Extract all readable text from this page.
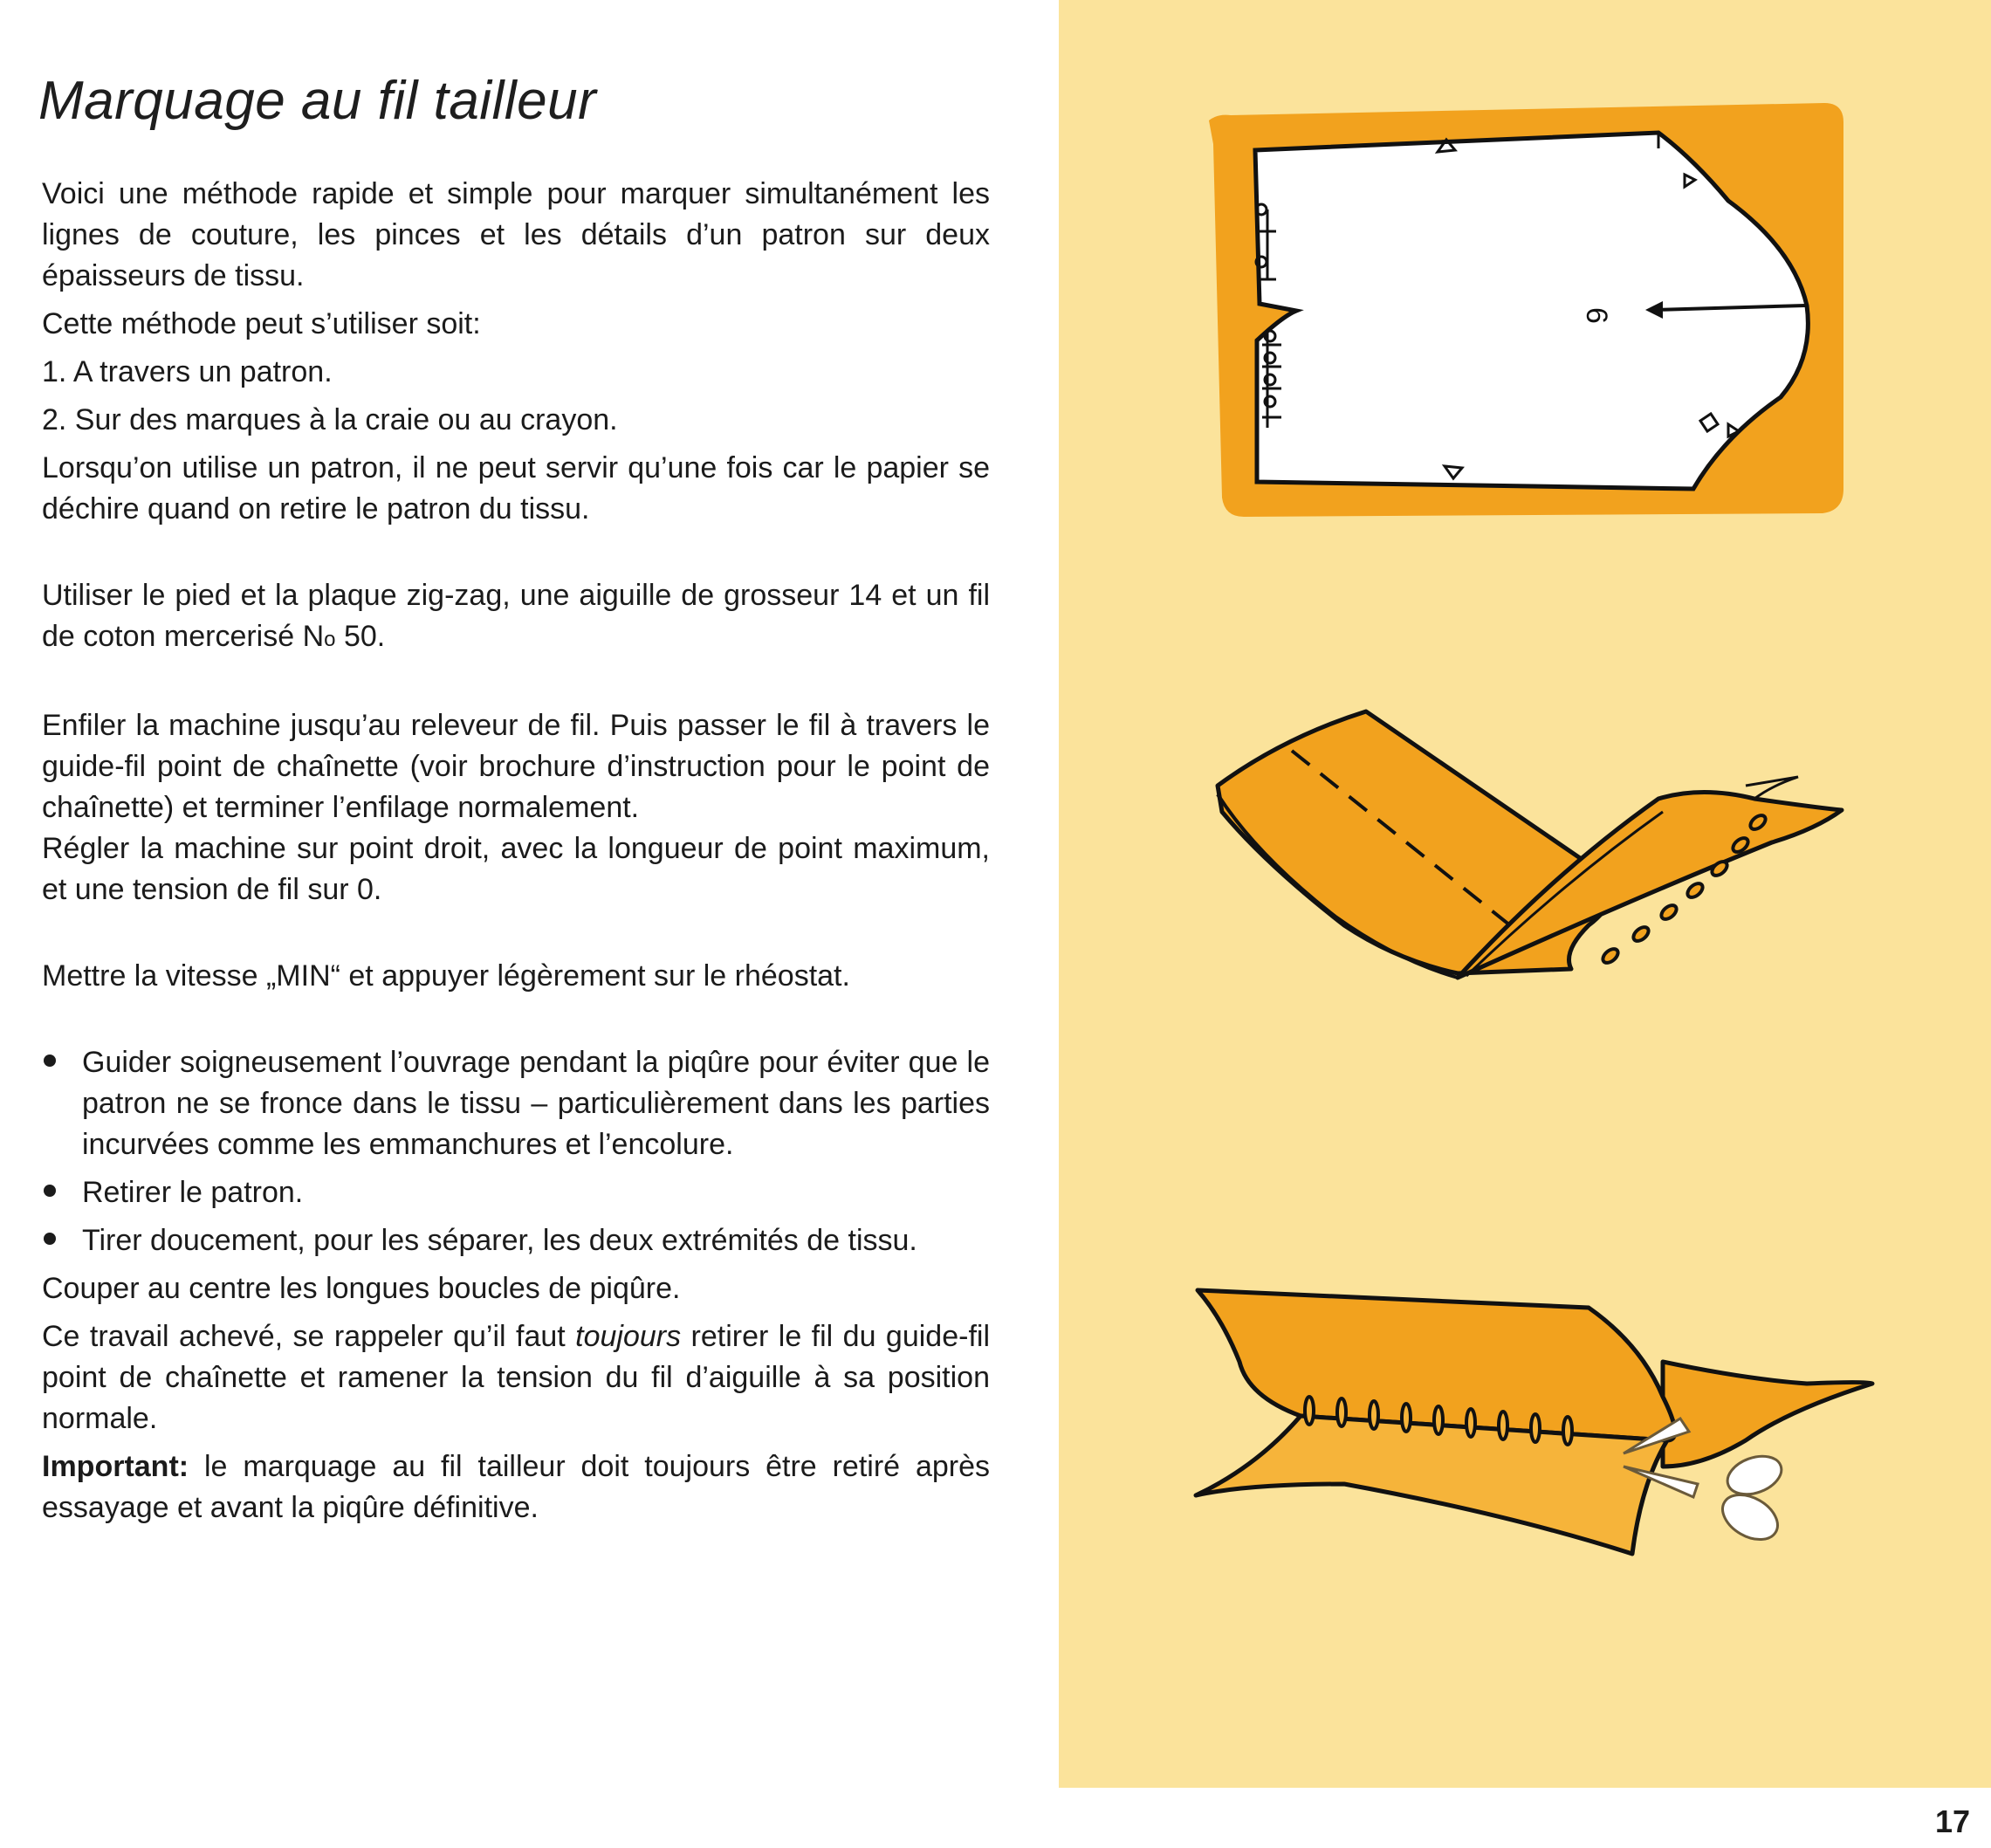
Marquage au fil tailleur

Voici une méthode rapide et simple pour marquer simultanément les lignes de couture, les pinces et les détails d’un patron sur deux épaisseurs de tissu.

Cette méthode peut s’utiliser soit:

1. A travers un patron.

2. Sur des marques à la craie ou au crayon.

Lorsqu’on utilise un patron, il ne peut servir qu’une fois car le papier se déchire quand on retire le patron du tissu.

Utiliser le pied et la plaque zig-zag, une aiguille de grosseur 14 et un fil de coton mercerisé No 50.

Enfiler la machine jusqu’au releveur de fil. Puis passer le fil à travers le guide-fil point de chaînette (voir brochure d’instruction pour le point de chaînette) et terminer l’enfilage normalement.

Régler la machine sur point droit, avec la longueur de point maximum, et une tension de fil sur 0.

Mettre la vitesse „MIN“ et appuyer légèrement sur le rhéostat.

Guider soigneusement l’ouvrage pendant la piqûre pour éviter que le patron ne se fronce dans le tissu – particulièrement dans les parties incurvées comme les emmanchures et l’encolure.
Retirer le patron.
Tirer doucement, pour les séparer, les deux extrémités de tissu.

Couper au centre les longues boucles de piqûre.

Ce travail achevé, se rappeler qu’il faut toujours retirer le fil du guide-fil point de chaînette et ramener la tension du fil d’aiguille à sa position normale.

Important: le marquage au fil tailleur doit toujours être retiré après essayage et avant la piqûre définitive.

6
17
